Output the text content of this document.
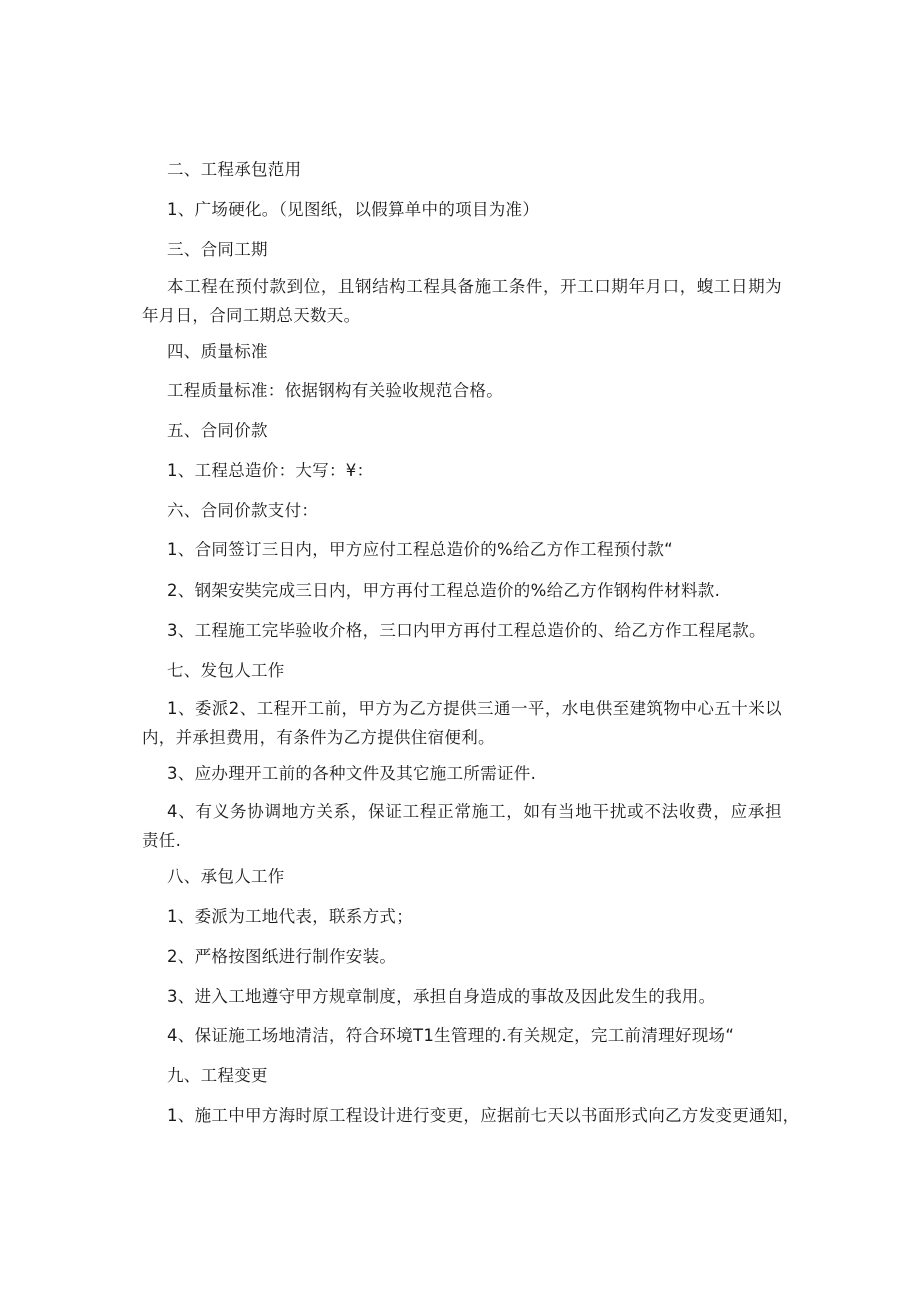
二、工程承包范用

1、广场硬化。（见图纸，以假算单中的项目为准）

三、合同工期

本工程在预付款到位，且钢结构工程具备施工条件，开工口期年月口，蝮工日期为年月日，合同工期总天数天。

四、质量标准

工程质量标准：依据钢构有关验收规范合格。

五、合同价款

1、工程总造价：大写：¥：

六、合同价款支付：

1、合同签订三日内，甲方应付工程总造价的%给乙方作工程预付款“

2、钢架安奘完成三日内，甲方再付工程总造价的%给乙方作钢构件材料款.

3、工程施工完毕验收介格，三口内甲方再付工程总造价的、给乙方作工程尾款。

七、发包人工作

1、委派2、工程开工前，甲方为乙方提供三通一平，水电供至建筑物中心五十米以内，并承担费用，有条件为乙方提供住宿便利。

3、应办理开工前的各种文件及其它施工所需证件.

4、有义务协调地方关系，保证工程正常施工，如有当地干扰或不法收费，应承担责任.

八、承包人工作

1、委派为工地代表，联系方式；

2、严格按图纸进行制作安装。

3、进入工地遵守甲方规章制度，承担自身造成的事故及因此发生的我用。

4、保证施工场地清洁，符合环境T1生管理的.有关规定，完工前清理好现场“

九、工程变更

1、施工中甲方海时原工程设计进行变更，应据前七天以书面形式向乙方发变更通知，
